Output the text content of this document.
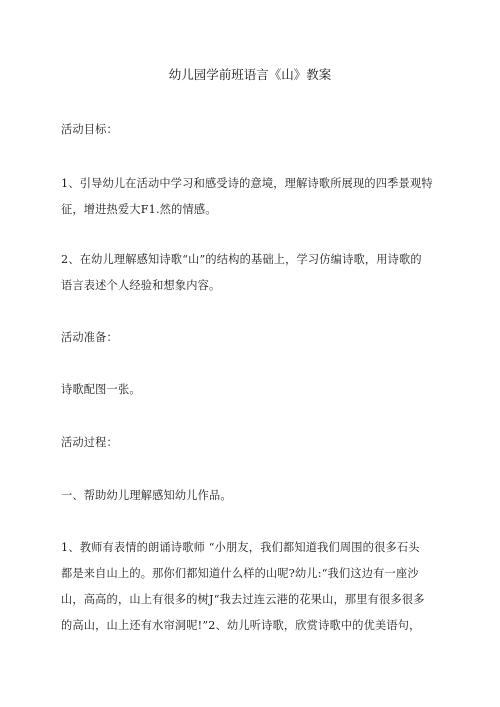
幼儿园学前班语言《山》教案
活动目标：
1、引导幼儿在活动中学习和感受诗的意境，理解诗歌所展现的四季景观特
征，增进热爱大F1.然的情感。
2、在幼儿理解感知诗歌“山”的结构的基础上，学习仿编诗歌，用诗歌的
语言表述个人经验和想象内容。
活动准备：
诗歌配图一张。
活动过程：
一、帮助幼儿理解感知幼儿作品。
1、教师有表情的朗诵诗歌师 “小朋友，我们都知道我们周围的很多石头
都是来自山上的。那你们都知道什么样的山呢?幼儿:“我们这边有一座沙
山，高高的，山上有很多的树J“我去过连云港的花果山，那里有很多很多
的高山，山上还有水帘洞呢!”2、幼儿听诗歌，欣赏诗歌中的优美语句，
